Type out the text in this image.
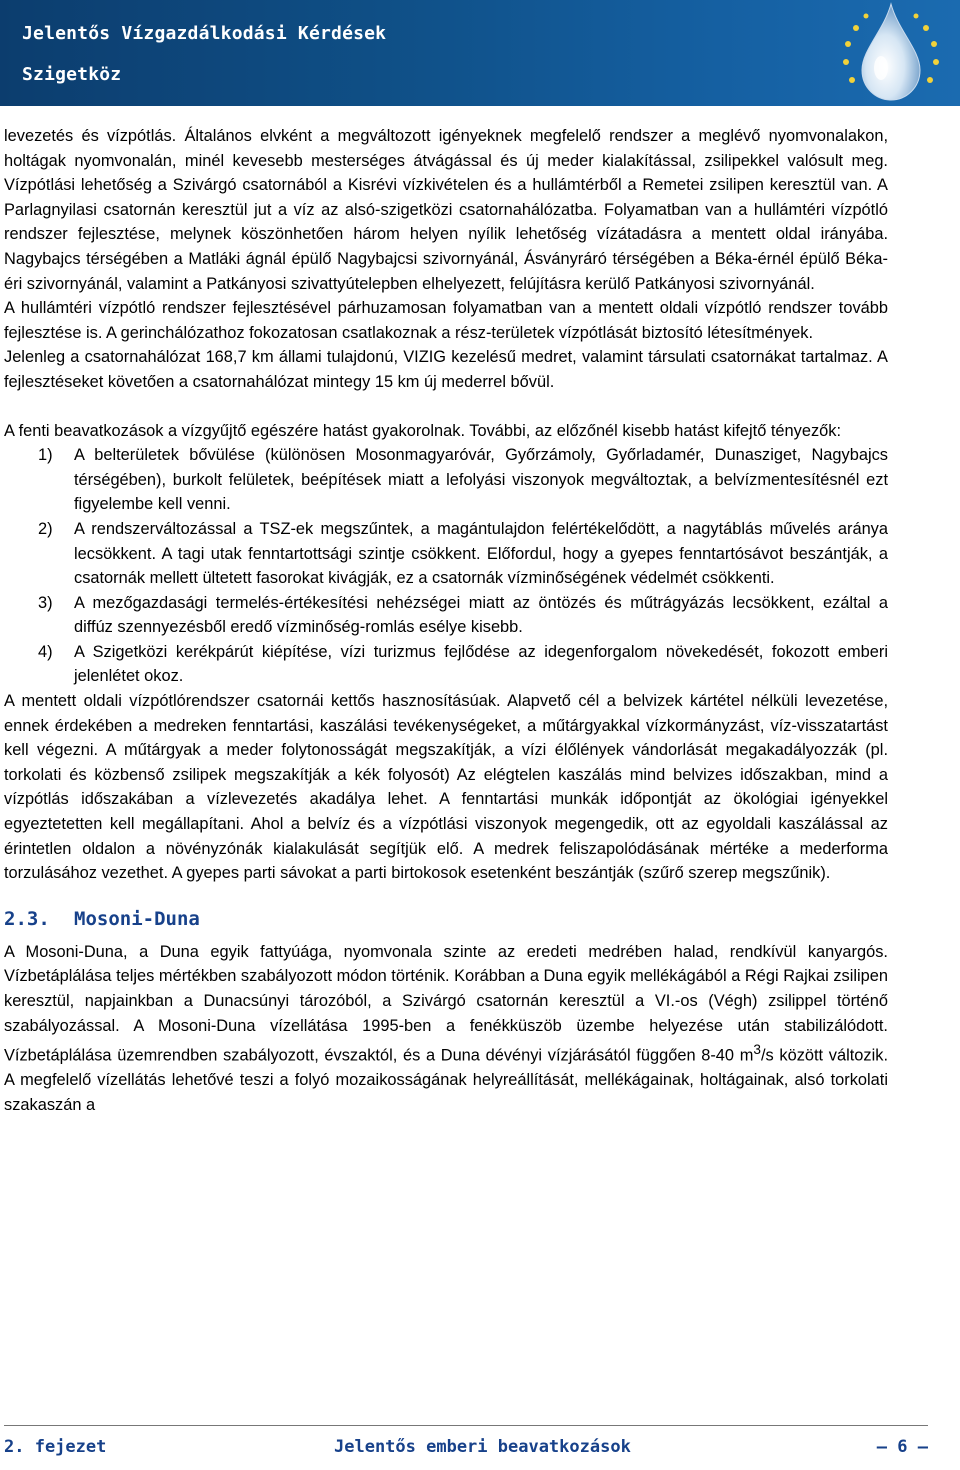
Jelentős Vízgazdálkodási Kérdések
Szigetköz

levezetés és vízpótlás. Általános elvként a megváltozott igényeknek megfelelő rendszer a meglévő nyomvonalakon, holtágak nyomvonalán, minél kevesebb mesterséges átvágással és új meder kialakítással, zsilipekkel valósult meg. Vízpótlási lehetőség a Szivárgó csatornából a Kisrévi vízkivételen és a hullámtérből a Remetei zsilipen keresztül van. A Parlagnyilasi csatornán keresztül jut a víz az alsó-szigetközi csatornahálózatba. Folyamatban van a hullámtéri vízpótló rendszer fejlesztése, melynek köszönhetően három helyen nyílik lehetőség vízátadásra a mentett oldal irányába. Nagybajcs térségében a Matláki ágnál épülő Nagybajcsi szivornyánál, Ásványráró térségében a Béka-érnél épülő Béka-éri szivornyánál, valamint a Patkányosi szivattyútelepben elhelyezett, felújításra kerülő Patkányosi szivornyánál.

A hullámtéri vízpótló rendszer fejlesztésével párhuzamosan folyamatban van a mentett oldali vízpótló rendszer tovább fejlesztése is. A gerinchálózathoz fokozatosan csatlakoznak a rész-területek vízpótlását biztosító létesítmények.

Jelenleg a csatornahálózat 168,7 km állami tulajdonú, VIZIG kezelésű medret, valamint társulati csatornákat tartalmaz. A fejlesztéseket követően a csatornahálózat mintegy 15 km új mederrel bővül.

A fenti beavatkozások a vízgyűjtő egészére hatást gyakorolnak. További, az előzőnél kisebb hatást kifejtő tényezők:

1) A belterületek bővülése (különösen Mosonmagyaróvár, Győrzámoly, Győrladamér, Dunasziget, Nagybajcs térségében), burkolt felületek, beépítések miatt a lefolyási viszonyok megváltoztak, a belvízmentesítésnél ezt figyelembe kell venni.
2) A rendszerváltozással a TSZ-ek megszűntek, a magántulajdon felértékelődött, a nagytáblás művelés aránya lecsökkent. A tagi utak fenntartottsági szintje csökkent. Előfordul, hogy a gyepes fenntartósávot beszántják, a csatornák mellett ültetett fasorokat kivágják, ez a csatornák vízminőségének védelmét csökkenti.
3) A mezőgazdasági termelés-értékesítési nehézségei miatt az öntözés és műtrágyázás lecsökkent, ezáltal a diffúz szennyezésből eredő vízminőség-romlás esélye kisebb.
4) A Szigetközi kerékpárút kiépítése, vízi turizmus fejlődése az idegenforgalom növekedését, fokozott emberi jelenlétet okoz.

A mentett oldali vízpótlórendszer csatornái kettős hasznosításúak. Alapvető cél a belvizek kártétel nélküli levezetése, ennek érdekében a medreken fenntartási, kaszálási tevékenységeket, a műtárgyakkal vízkormányzást, víz-visszatartást kell végezni. A műtárgyak a meder folytonosságát megszakítják, a vízi élőlények vándorlását megakadályozzák (pl. torkolati és közbenső zsilipek megszakítják a kék folyosót) Az elégtelen kaszálás mind belvizes időszakban, mind a vízpótlás időszakában a vízlevezetés akadálya lehet. A fenntartási munkák időpontját az ökológiai igényekkel egyeztetetten kell megállapítani. Ahol a belvíz és a vízpótlási viszonyok megengedik, ott az egyoldali kaszálással az érintetlen oldalon a növényzónák kialakulását segítjük elő. A medrek feliszapolódásának mértéke a mederforma torzulásához vezethet. A gyepes parti sávokat a parti birtokosok esetenként beszántják (szűrő szerep megszűnik).

2.3. Mosoni-Duna

A Mosoni-Duna, a Duna egyik fattyúága, nyomvonala szinte az eredeti medrében halad, rendkívül kanyargós. Vízbetáplálása teljes mértékben szabályozott módon történik. Korábban a Duna egyik mellékágából a Régi Rajkai zsilipen keresztül, napjainkban a Dunacsúnyi tározóból, a Szivárgó csatornán keresztül a VI.-os (Végh) zsilippel történő szabályozással. A Mosoni-Duna vízellátása 1995-ben a fenékküszöb üzembe helyezése után stabilizálódott. Vízbetáplálása üzemrendben szabályozott, évszaktól, és a Duna dévényi vízjárásától függően 8-40 $m^3/s$ között változik. A megfelelő vízellátás lehetővé teszi a folyó mozaikosságának helyreállítását, mellékágainak, holtágainak, alsó torkolati szakaszán a

2. fejezet	Jelentős emberi beavatkozások	— 6 —
